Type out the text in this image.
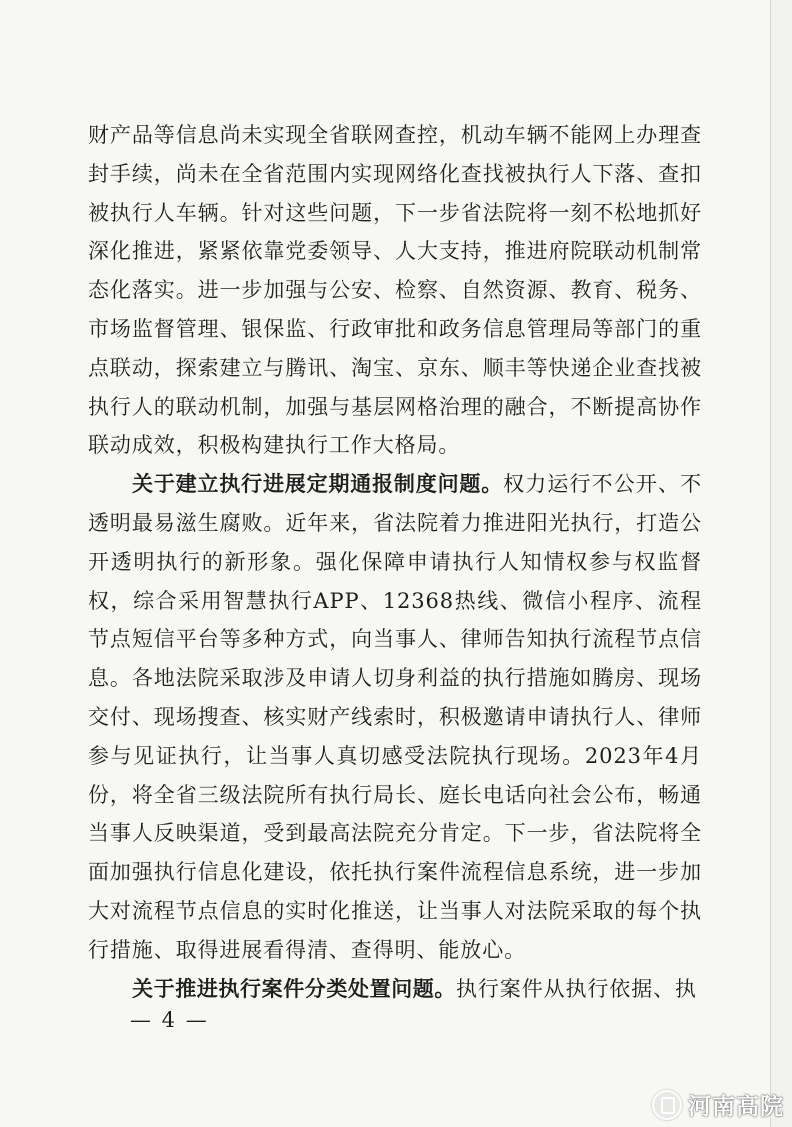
财产品等信息尚未实现全省联网查控，机动车辆不能网上办理查封手续，尚未在全省范围内实现网络化查找被执行人下落、查扣被执行人车辆。针对这些问题，下一步省法院将一刻不松地抓好深化推进，紧紧依靠党委领导、人大支持，推进府院联动机制常态化落实。进一步加强与公安、检察、自然资源、教育、税务、市场监督管理、银保监、行政审批和政务信息管理局等部门的重点联动，探索建立与腾讯、淘宝、京东、顺丰等快递企业查找被执行人的联动机制，加强与基层网格治理的融合，不断提高协作联动成效，积极构建执行工作大格局。

关于建立执行进展定期通报制度问题。权力运行不公开、不透明最易滋生腐败。近年来，省法院着力推进阳光执行，打造公开透明执行的新形象。强化保障申请执行人知情权参与权监督权，综合采用智慧执行APP、12368热线、微信小程序、流程节点短信平台等多种方式，向当事人、律师告知执行流程节点信息。各地法院采取涉及申请人切身利益的执行措施如腾房、现场交付、现场搜查、核实财产线索时，积极邀请申请执行人、律师参与见证执行，让当事人真切感受法院执行现场。2023年4月份，将全省三级法院所有执行局长、庭长电话向社会公布，畅通当事人反映渠道，受到最高法院充分肯定。下一步，省法院将全面加强执行信息化建设，依托执行案件流程信息系统，进一步加大对流程节点信息的实时化推送，让当事人对法院采取的每个执行措施、取得进展看得清、查得明、能放心。

关于推进执行案件分类处置问题。执行案件从执行依据、执

— 4 —
河南高院
